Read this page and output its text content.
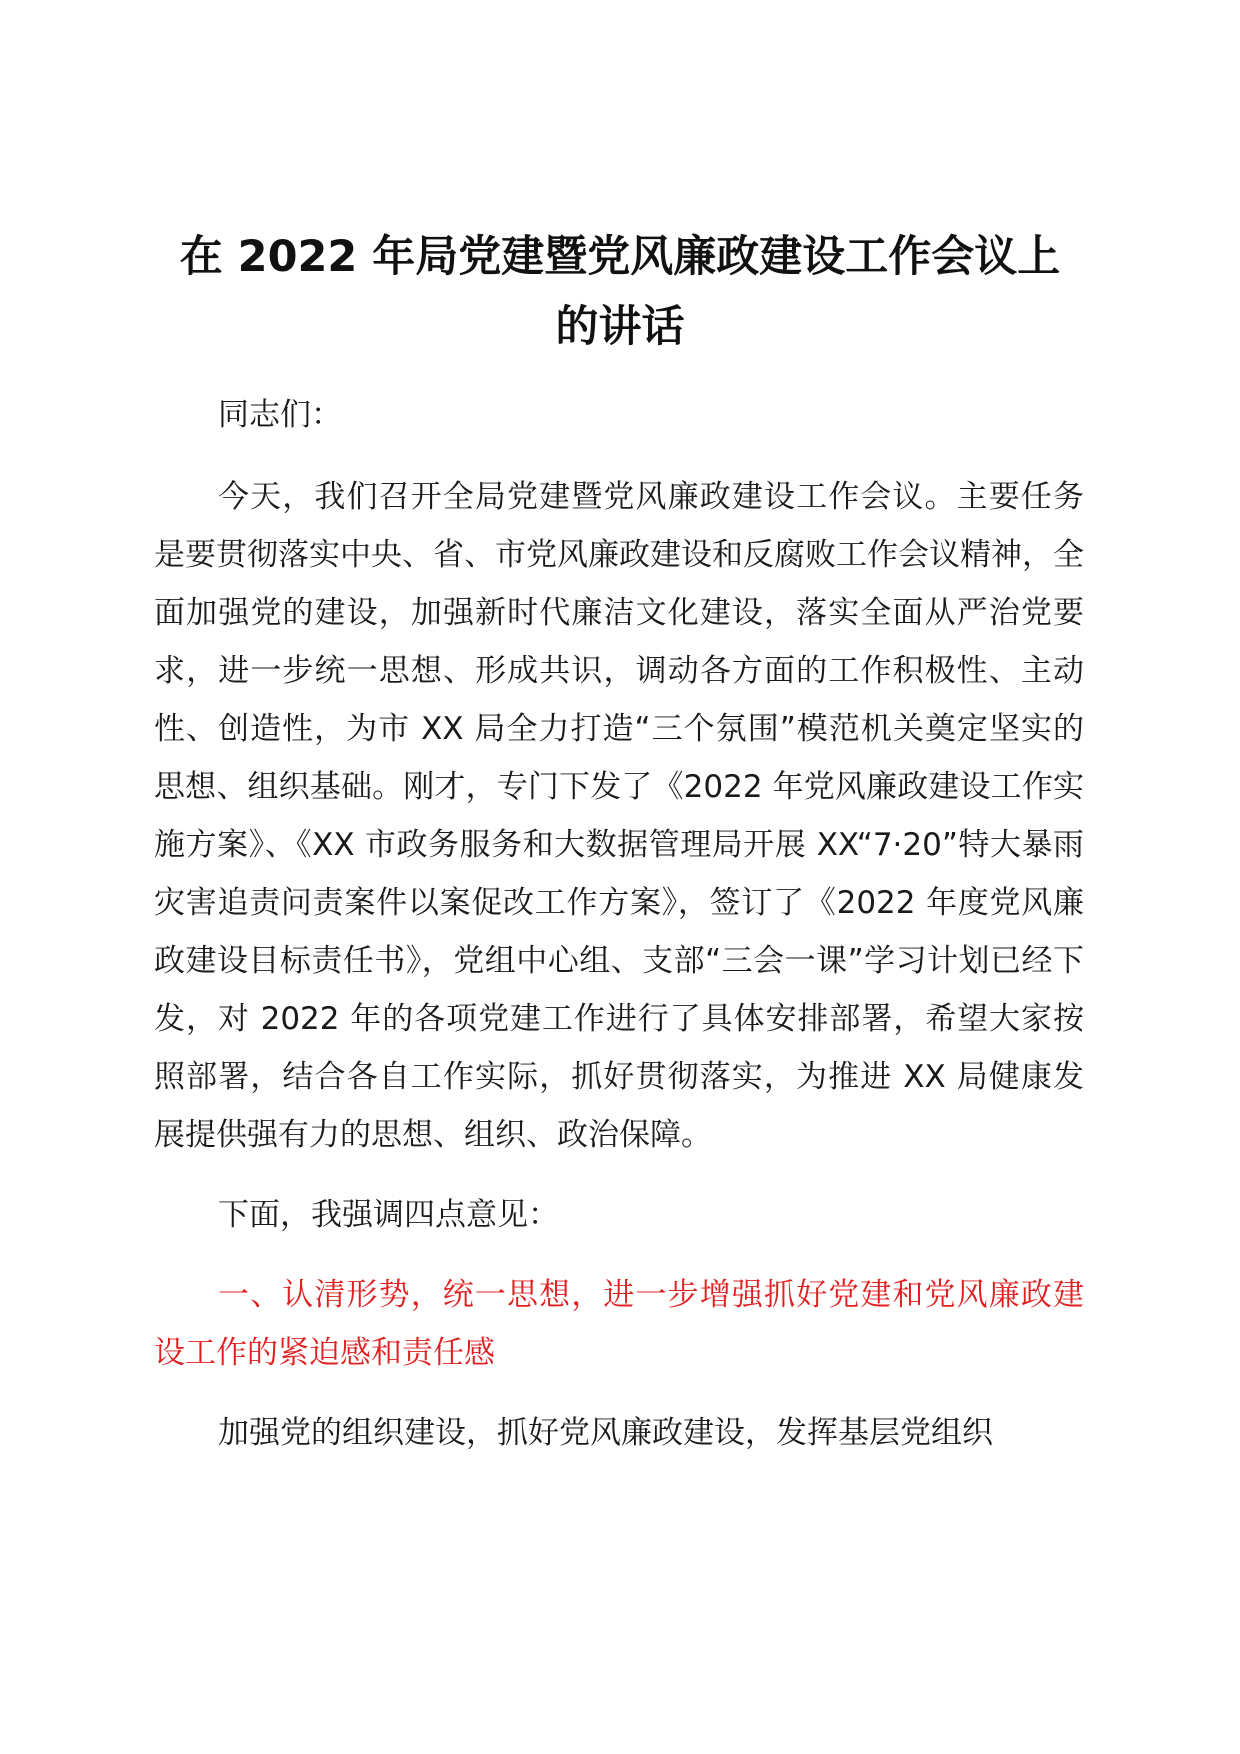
在 2022 年局党建暨党风廉政建设工作会议上
的讲话

同志们：

今天，我们召开全局党建暨党风廉政建设工作会议。主要任务是要贯彻落实中央、省、市党风廉政建设和反腐败工作会议精神，全面加强党的建设，加强新时代廉洁文化建设，落实全面从严治党要求，进一步统一思想、形成共识，调动各方面的工作积极性、主动性、创造性，为市 XX 局全力打造“三个氛围”模范机关奠定坚实的思想、组织基础。刚才，专门下发了《2022 年党风廉政建设工作实施方案》、《XX 市政务服务和大数据管理局开展 XX“7·20”特大暴雨灾害追责问责案件以案促改工作方案》，签订了《2022 年度党风廉政建设目标责任书》，党组中心组、支部“三会一课”学习计划已经下发，对 2022 年的各项党建工作进行了具体安排部署，希望大家按照部署，结合各自工作实际，抓好贯彻落实，为推进 XX 局健康发展提供强有力的思想、组织、政治保障。

下面，我强调四点意见：

一、认清形势，统一思想，进一步增强抓好党建和党风廉政建设工作的紧迫感和责任感

加强党的组织建设，抓好党风廉政建设，发挥基层党组织
